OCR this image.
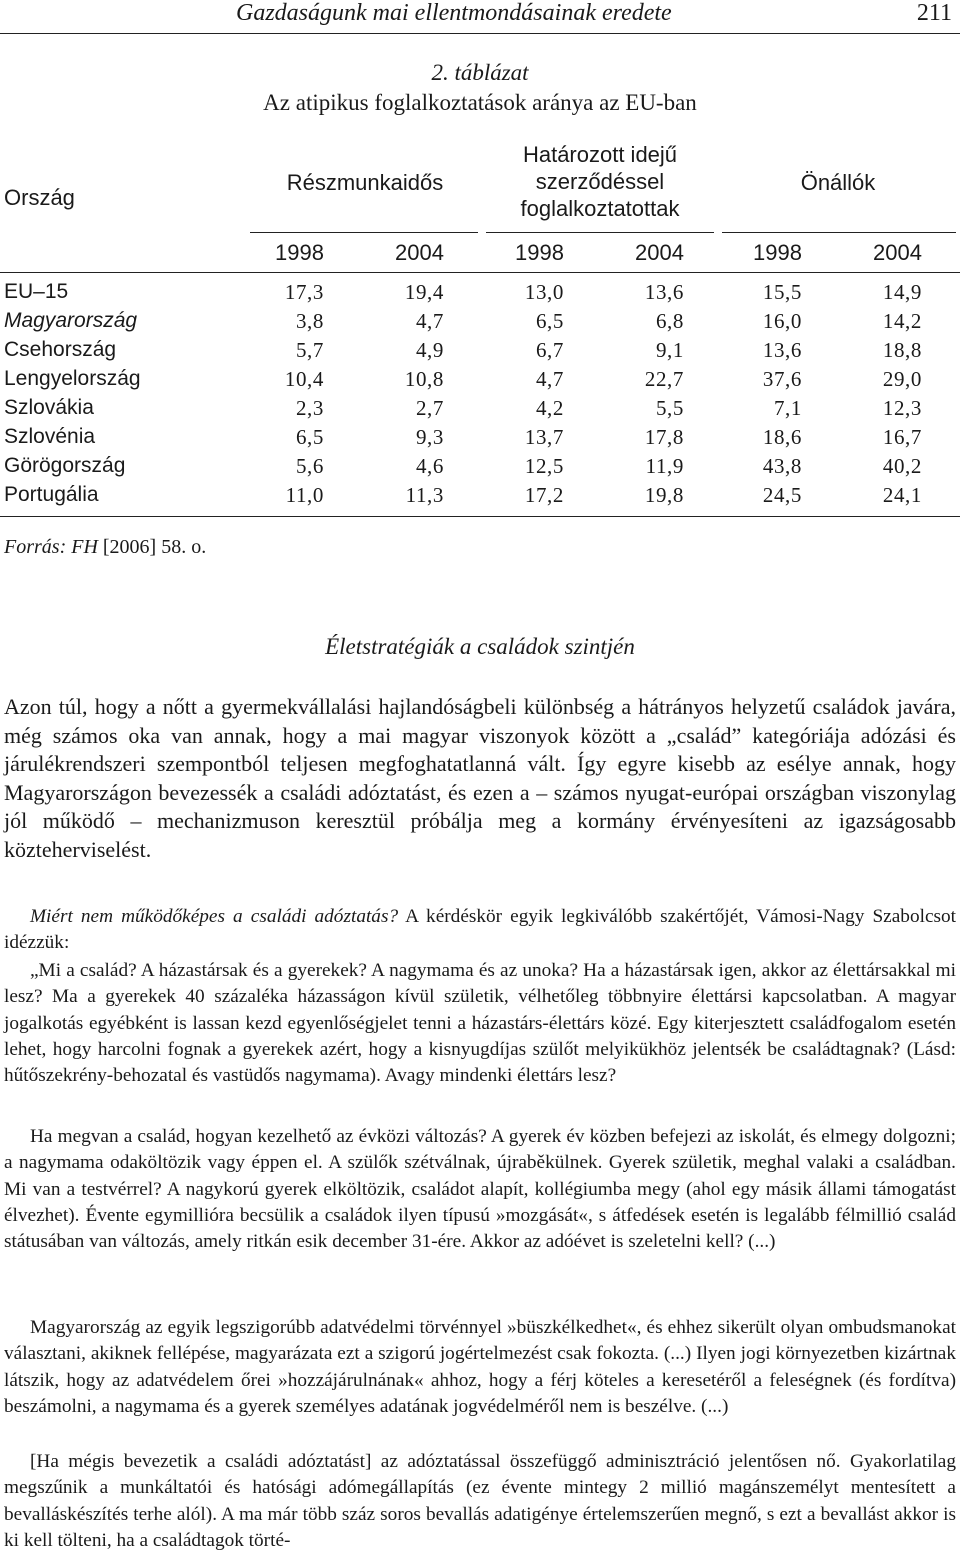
Gazdaságunk mai ellentmondásainak eredete	211
2. táblázat
Az atipikus foglalkoztatások aránya az EU-ban
Ország
Részmunkaidős
Határozott idejű
szerződéssel
foglalkoztatottak
Önállók
1998	2004	1998	2004	1998	2004
EU–15	17,3	19,4	13,0	13,6	15,5	14,9
Magyarország	3,8	4,7	6,5	6,8	16,0	14,2
Csehország	5,7	4,9	6,7	9,1	13,6	18,8
Lengyelország	10,4	10,8	4,7	22,7	37,6	29,0
Szlovákia	2,3	2,7	4,2	5,5	7,1	12,3
Szlovénia	6,5	9,3	13,7	17,8	18,6	16,7
Görögország	5,6	4,6	12,5	11,9	43,8	40,2
Portugália	11,0	11,3	17,2	19,8	24,5	24,1
Forrás: FH [2006] 58. o.
Életstratégiák a családok szintjén

Azon túl, hogy a nőtt a gyermekvállalási hajlandóságbeli különbség a hátrányos helyzetű családok javára, még számos oka van annak, hogy a mai magyar viszonyok között a „család” kategóriája adózási és járulékrendszeri szempontból teljesen megfoghatatlanná vált. Így egyre kisebb az esélye annak, hogy Magyarországon bevezessék a családi adóztatást, és ezen a – számos nyugat-európai országban viszonylag jól működő – mechanizmuson keresztül próbálja meg a kormány érvényesíteni az igazságosabb közteherviselést.

Miért nem működőképes a családi adóztatás? A kérdéskör egyik legkiválóbb szakértőjét, Vámosi-Nagy Szabolcsot idézzük:

„Mi a család? A házastársak és a gyerekek? A nagymama és az unoka? Ha a házastársak igen, akkor az élettársakkal mi lesz? Ma a gyerekek 40 százaléka házasságon kívül születik, vélhetőleg többnyire élettársi kapcsolatban. A magyar jogalkotás egyébként is lassan kezd egyenlőségjelet tenni a házastárs-élettárs közé. Egy kiterjesztett családfogalom esetén lehet, hogy harcolni fognak a gyerekek azért, hogy a kisnyugdíjas szülőt melyikükhöz jelentsék be családtagnak? (Lásd: hűtőszekrény-behozatal és vastüdős nagymama). Avagy mindenki élettárs lesz?

Ha megvan a család, hogyan kezelhető az évközi változás? A gyerek év közben befejezi az iskolát, és elmegy dolgozni; a nagymama odaköltözik vagy éppen el. A szülők szétválnak, újraběkülnek. Gyerek születik, meghal valaki a családban. Mi van a testvérrel? A nagykorú gyerek elköltözik, családot alapít, kollégiumba megy (ahol egy másik állami támogatást élvezhet). Évente egymillióra becsülik a családok ilyen típusú »mozgását«, s átfedések esetén is legalább félmillió család státusában van változás, amely ritkán esik december 31-ére. Akkor az adóévet is szeletelni kell? (...)

Magyarország az egyik legszigorúbb adatvédelmi törvénnyel »büszkélkedhet«, és ehhez sikerült olyan ombudsmanokat választani, akiknek fellépése, magyarázata ezt a szigorú jogértelmezést csak fokozta. (...) Ilyen jogi környezetben kizártnak látszik, hogy az adatvédelem őrei »hozzájárulnának« ahhoz, hogy a férj köteles a keresetéről a feleségnek (és fordítva) beszámolni, a nagymama és a gyerek személyes adatának jogvédelméről nem is beszélve. (...)

[Ha mégis bevezetik a családi adóztatást] az adóztatással összefüggő adminisztráció jelentősen nő. Gyakorlatilag megszűnik a munkáltatói és hatósági adómegállapítás (ez évente mintegy 2 millió magánszemélyt mentesített a bevalláskészítés terhe alól). A ma már több száz soros bevallás adatigénye értelemszerűen megnő, s ezt a bevallást akkor is ki kell tölteni, ha a családtagok törté-
